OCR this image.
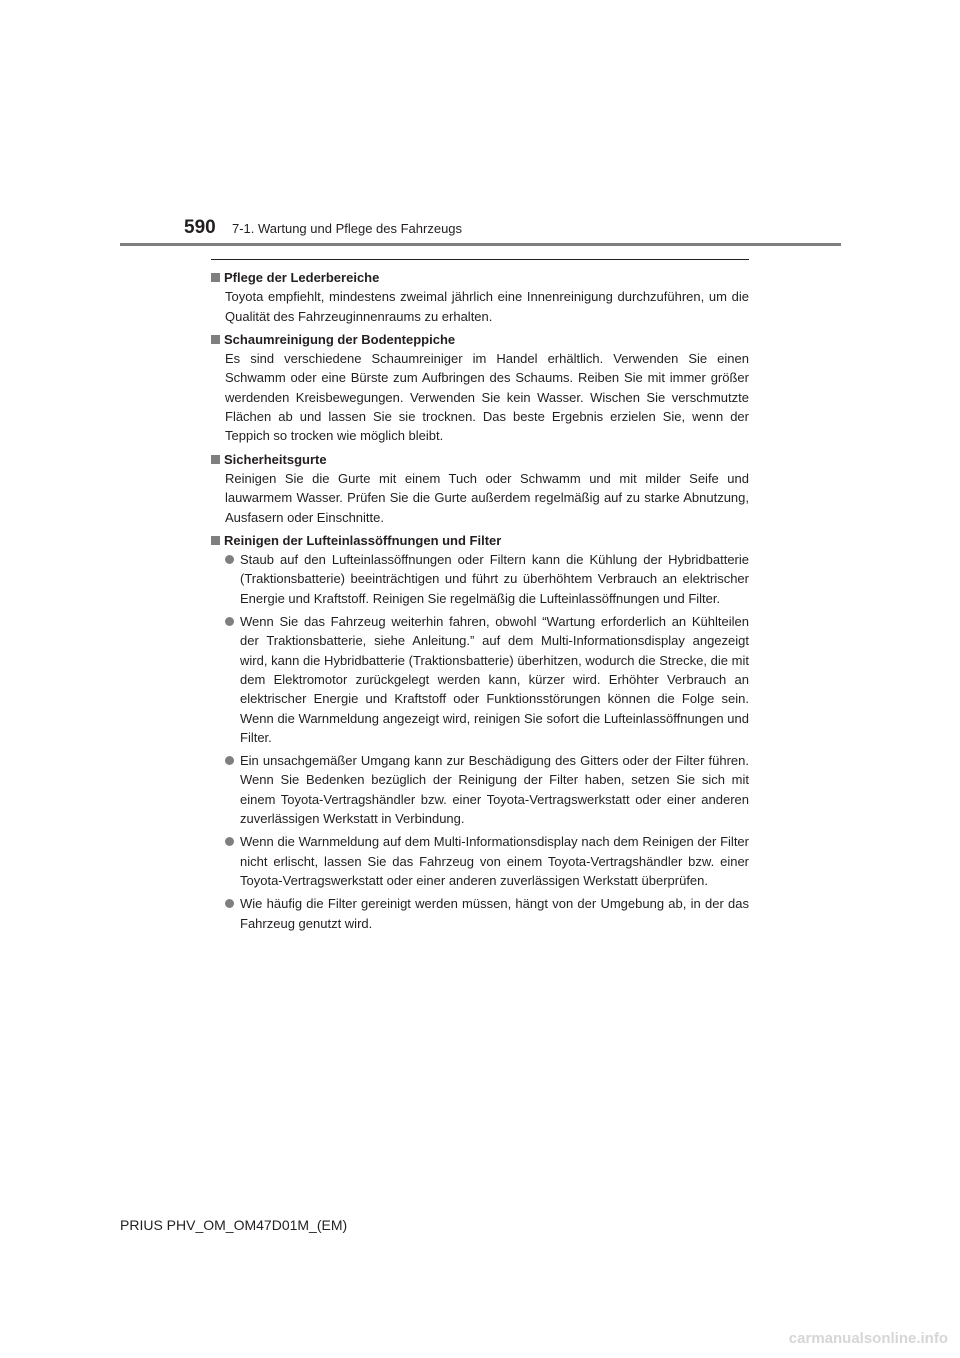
590 7-1. Wartung und Pflege des Fahrzeugs
Pflege der Lederbereiche
Toyota empfiehlt, mindestens zweimal jährlich eine Innenreinigung durchzuführen, um die Qualität des Fahrzeuginnenraums zu erhalten.
Schaumreinigung der Bodenteppiche
Es sind verschiedene Schaumreiniger im Handel erhältlich. Verwenden Sie einen Schwamm oder eine Bürste zum Aufbringen des Schaums. Reiben Sie mit immer größer werdenden Kreisbewegungen. Verwenden Sie kein Wasser. Wischen Sie verschmutzte Flächen ab und lassen Sie sie trocknen. Das beste Ergebnis erzielen Sie, wenn der Teppich so trocken wie möglich bleibt.
Sicherheitsgurte
Reinigen Sie die Gurte mit einem Tuch oder Schwamm und mit milder Seife und lauwarmem Wasser. Prüfen Sie die Gurte außerdem regelmäßig auf zu starke Abnutzung, Ausfasern oder Einschnitte.
Reinigen der Lufteinlassöffnungen und Filter
Staub auf den Lufteinlassöffnungen oder Filtern kann die Kühlung der Hybridbatterie (Traktionsbatterie) beeinträchtigen und führt zu überhöhtem Verbrauch an elektrischer Energie und Kraftstoff. Reinigen Sie regelmäßig die Lufteinlassöffnungen und Filter.
Wenn Sie das Fahrzeug weiterhin fahren, obwohl “Wartung erforderlich an Kühlteilen der Traktionsbatterie, siehe Anleitung.” auf dem Multi-Informationsdisplay angezeigt wird, kann die Hybridbatterie (Traktionsbatterie) überhitzen, wodurch die Strecke, die mit dem Elektromotor zurückgelegt werden kann, kürzer wird. Erhöhter Verbrauch an elektrischer Energie und Kraftstoff oder Funktionsstörungen können die Folge sein. Wenn die Warnmeldung angezeigt wird, reinigen Sie sofort die Lufteinlassöffnungen und Filter.
Ein unsachgemäßer Umgang kann zur Beschädigung des Gitters oder der Filter führen. Wenn Sie Bedenken bezüglich der Reinigung der Filter haben, setzen Sie sich mit einem Toyota-Vertragshändler bzw. einer Toyota-Vertragswerkstatt oder einer anderen zuverlässigen Werkstatt in Verbindung.
Wenn die Warnmeldung auf dem Multi-Informationsdisplay nach dem Reinigen der Filter nicht erlischt, lassen Sie das Fahrzeug von einem Toyota-Vertragshändler bzw. einer Toyota-Vertragswerkstatt oder einer anderen zuverlässigen Werkstatt überprüfen.
Wie häufig die Filter gereinigt werden müssen, hängt von der Umgebung ab, in der das Fahrzeug genutzt wird.
PRIUS PHV_OM_OM47D01M_(EM)
carmanualsonline.info
